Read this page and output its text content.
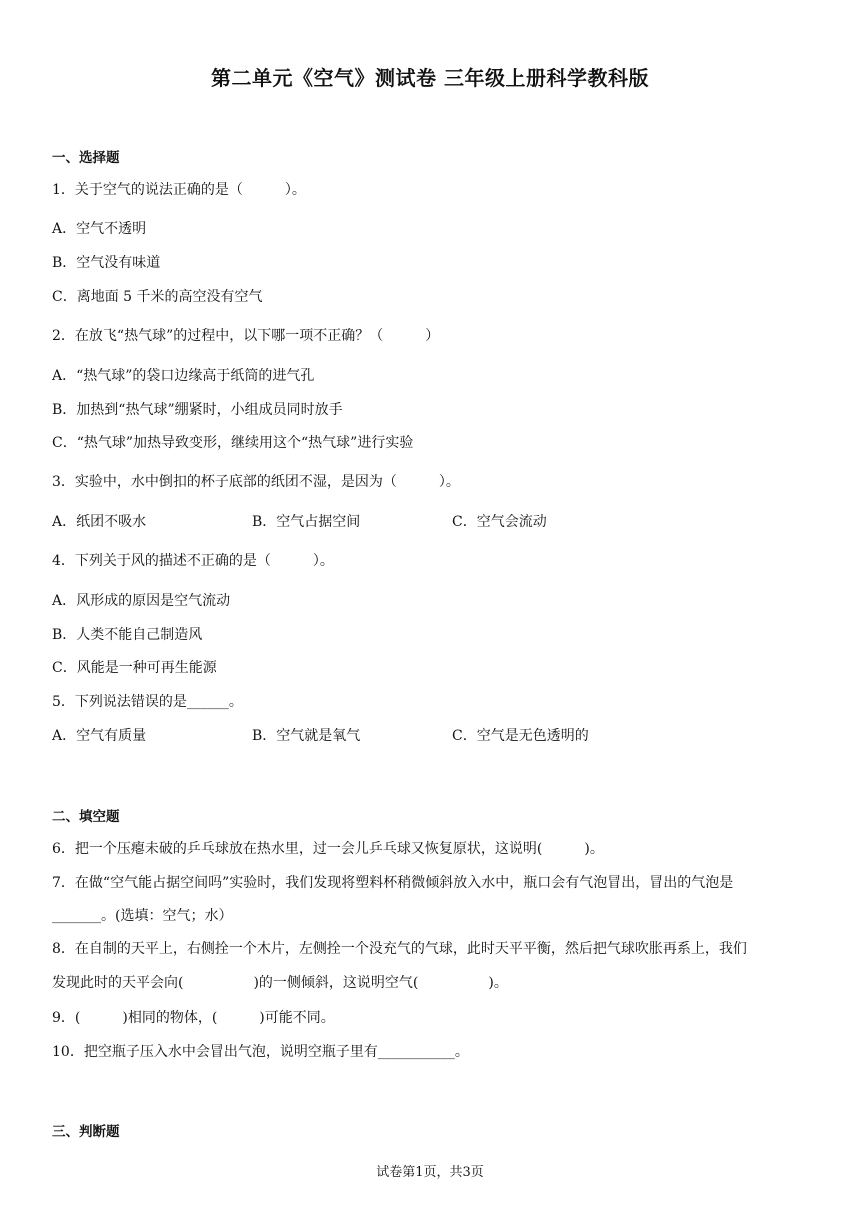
第二单元《空气》测试卷 三年级上册科学教科版
一、选择题
1．关于空气的说法正确的是（　　　）。
A．空气不透明
B．空气没有味道
C．离地面 5 千米的高空没有空气
2．在放飞“热气球”的过程中，以下哪一项不正确？（　　　）
A．“热气球”的袋口边缘高于纸筒的进气孔
B．加热到“热气球”绷紧时，小组成员同时放手
C．“热气球”加热导致变形，继续用这个“热气球”进行实验
3．实验中，水中倒扣的杯子底部的纸团不湿，是因为（　　　）。
A．纸团不吸水	B．空气占据空间	C．空气会流动
4．下列关于风的描述不正确的是（　　　）。
A．风形成的原因是空气流动
B．人类不能自己制造风
C．风能是一种可再生能源
5．下列说法错误的是______。
A．空气有质量	B．空气就是氧气	C．空气是无色透明的
二、填空题
6．把一个压瘪未破的乒乓球放在热水里，过一会儿乒乓球又恢复原状，这说明(　　　)。
7．在做“空气能占据空间吗”实验时，我们发现将塑料杯稍微倾斜放入水中，瓶口会有气泡冒出，冒出的气泡是
_______。(选填：空气；水）
8．在自制的天平上，右侧拴一个木片，左侧拴一个没充气的气球，此时天平平衡，然后把气球吹胀再系上，我们
发现此时的天平会向(　　　　　)的一侧倾斜，这说明空气(　　　　　)。
9．(　　　)相同的物体，(　　　)可能不同。
10．把空瓶子压入水中会冒出气泡，说明空瓶子里有___________。
三、判断题
试卷第1页，共3页
